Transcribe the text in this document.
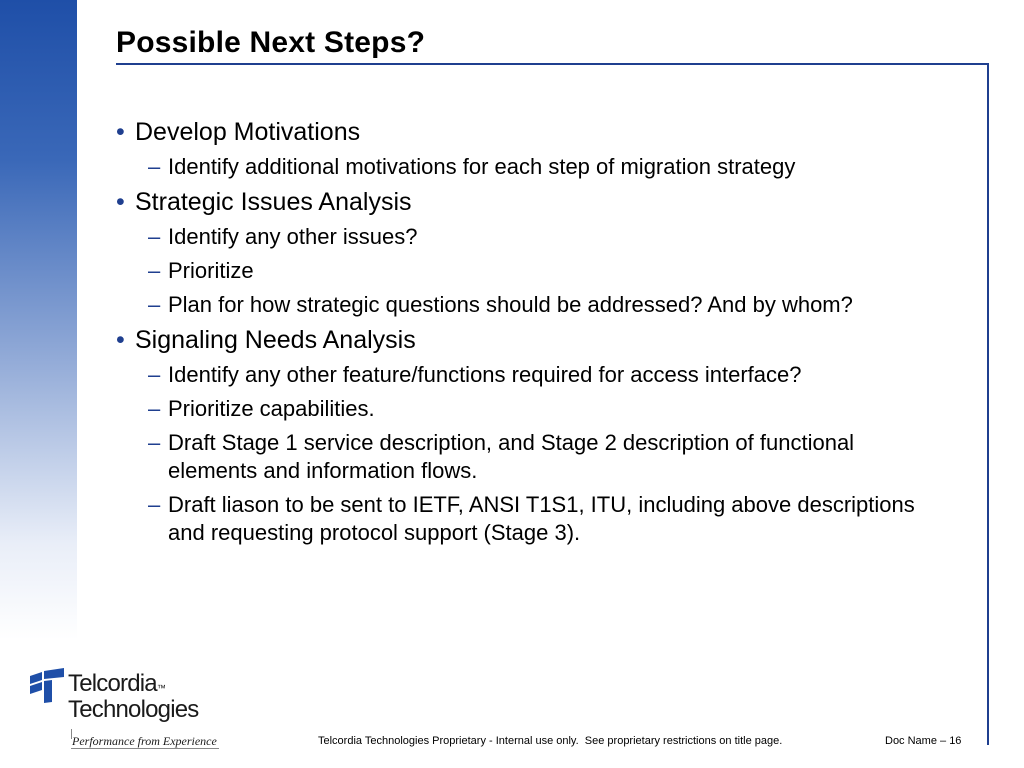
Possible Next Steps?
• Develop Motivations
– Identify additional motivations for each step of migration strategy
• Strategic Issues Analysis
– Identify any other issues?
– Prioritize
– Plan for how strategic questions should be addressed? And by whom?
• Signaling Needs Analysis
– Identify any other feature/functions required for access interface?
– Prioritize capabilities.
– Draft Stage 1 service description, and Stage 2 description of functional elements and information flows.
– Draft liason to be sent to IETF, ANSI T1S1, ITU, including above descriptions and requesting protocol support (Stage 3).
Telcordia™
Technologies
Performance from Experience	Telcordia Technologies Proprietary - Internal use only.  See proprietary restrictions on title page.	Doc Name – 16
